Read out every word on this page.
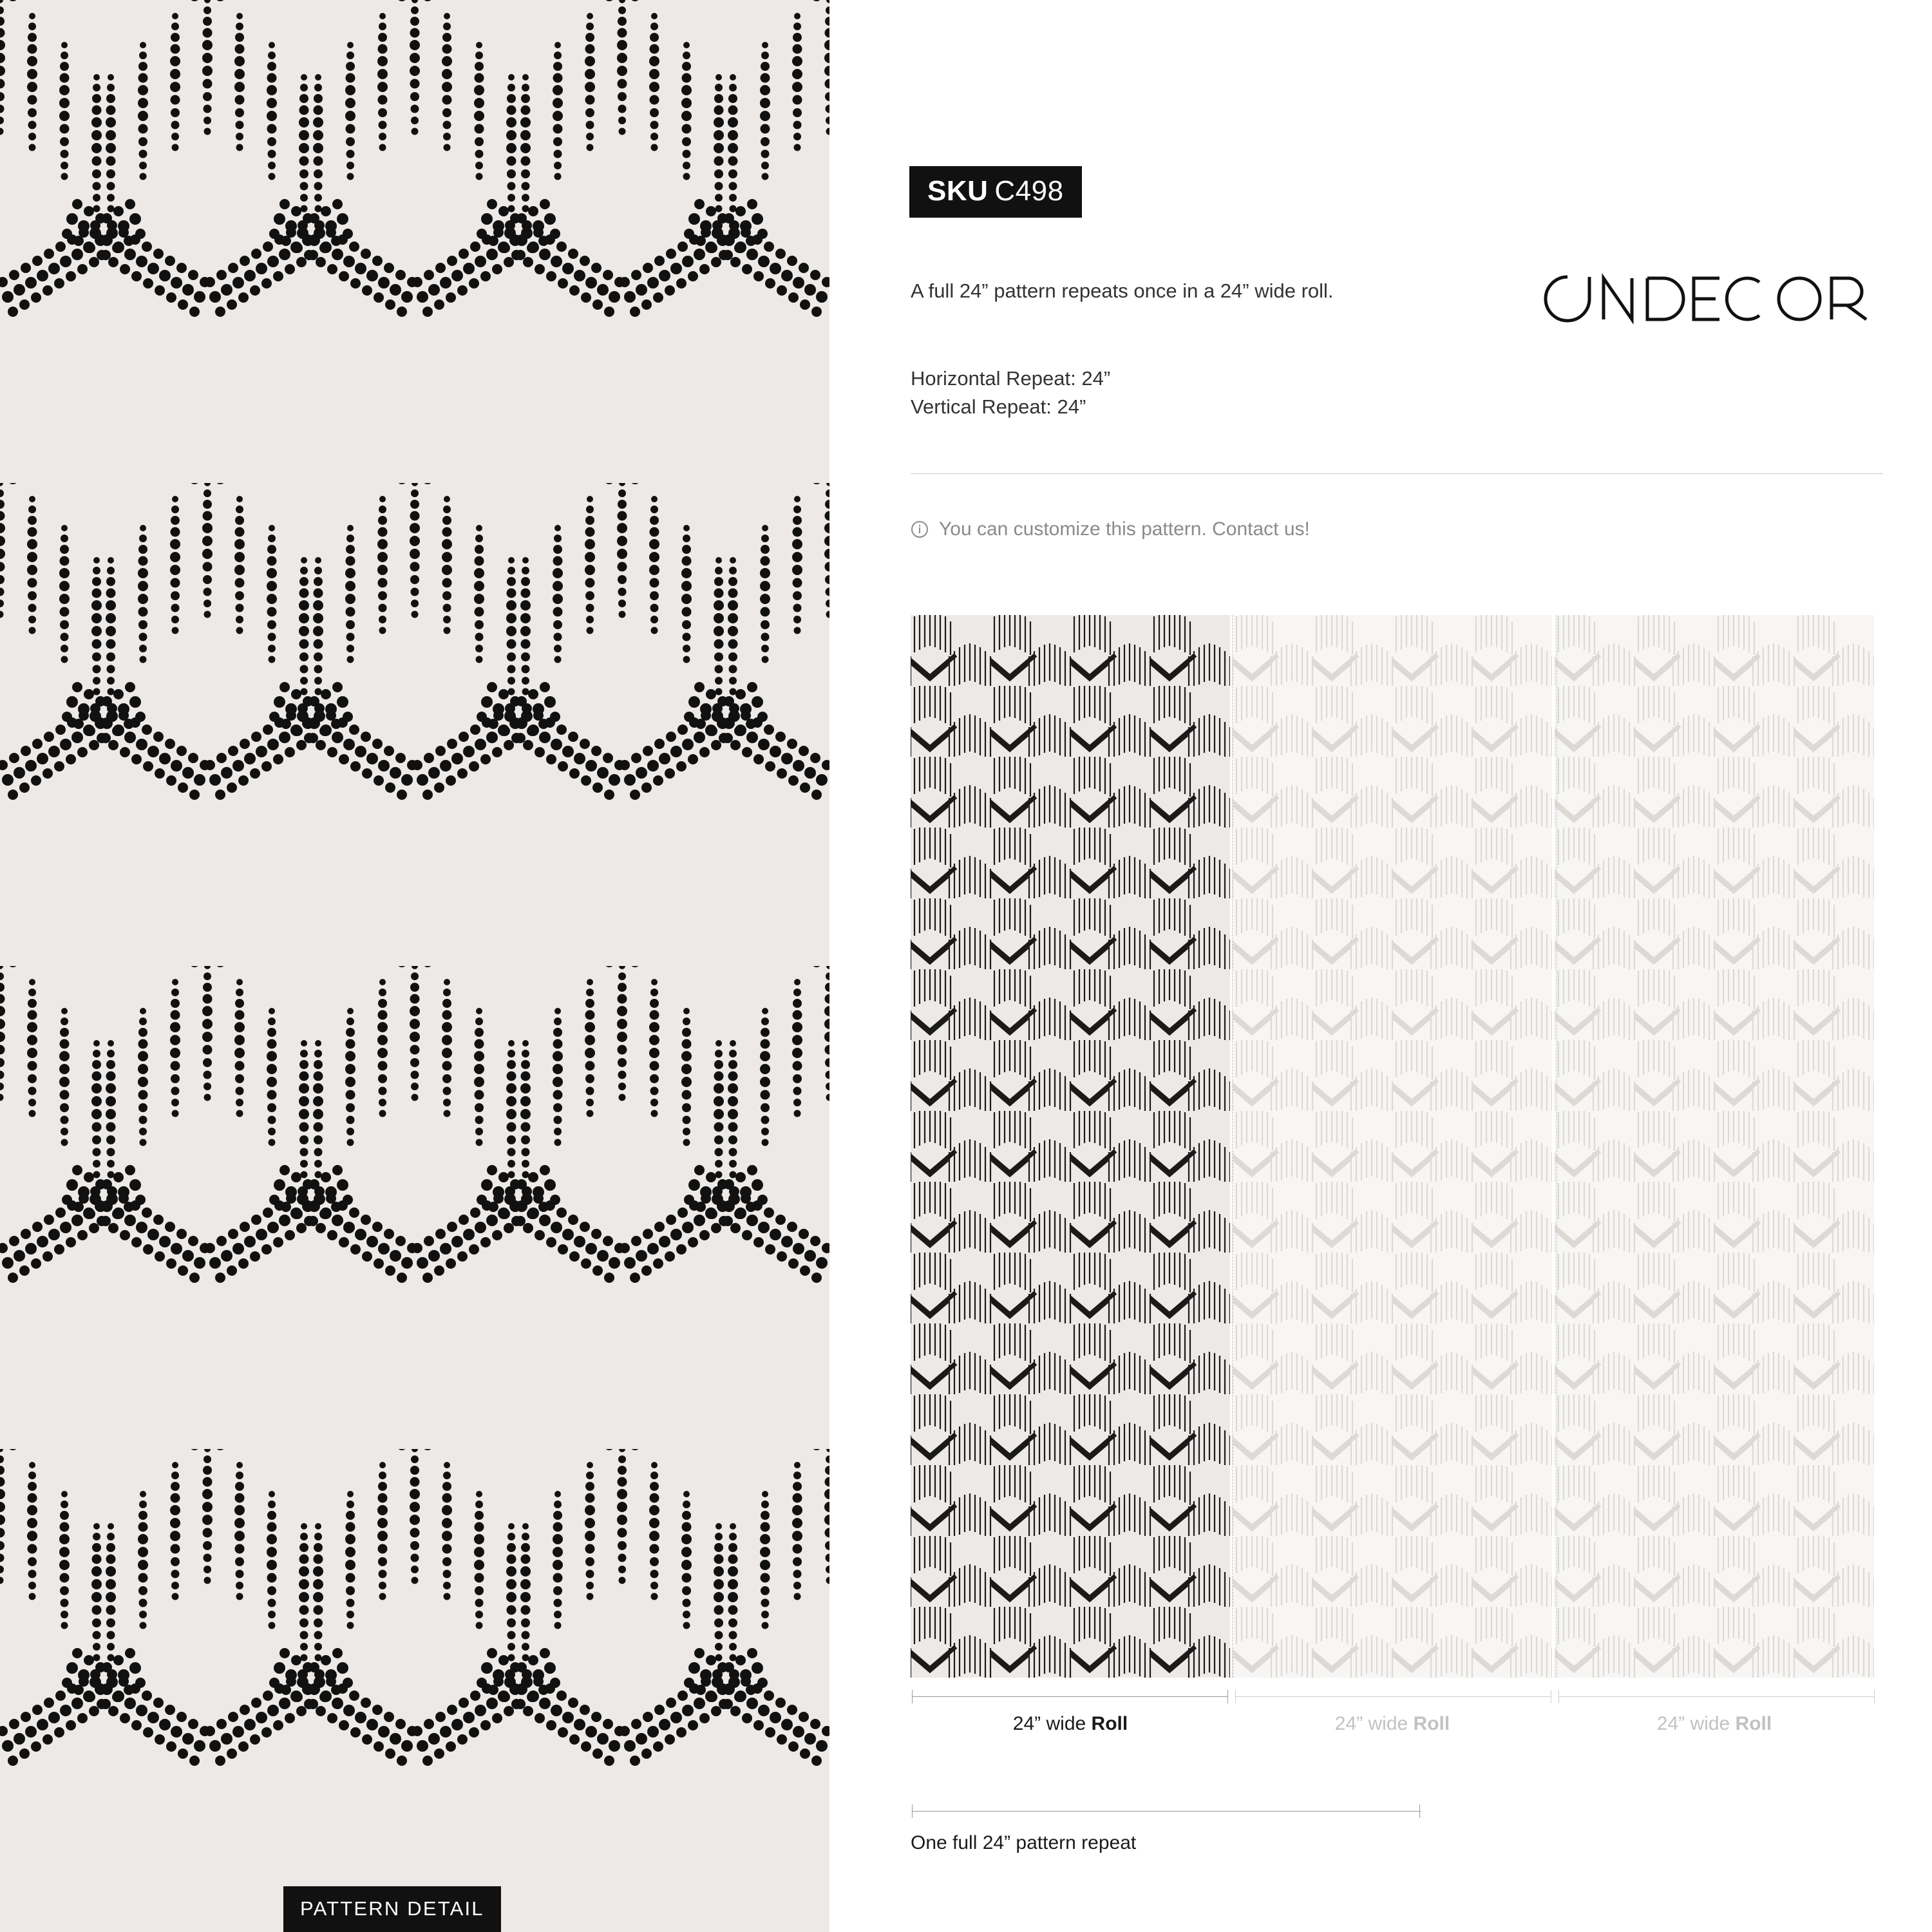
PATTERN DETAIL
SKU C498
A full 24” pattern repeats once in a 24” wide roll.
Horizontal Repeat: 24”
Vertical Repeat: 24”
You can customize this pattern. Contact us!
24” wide Roll	24” wide Roll	24” wide Roll
One full 24” pattern repeat
